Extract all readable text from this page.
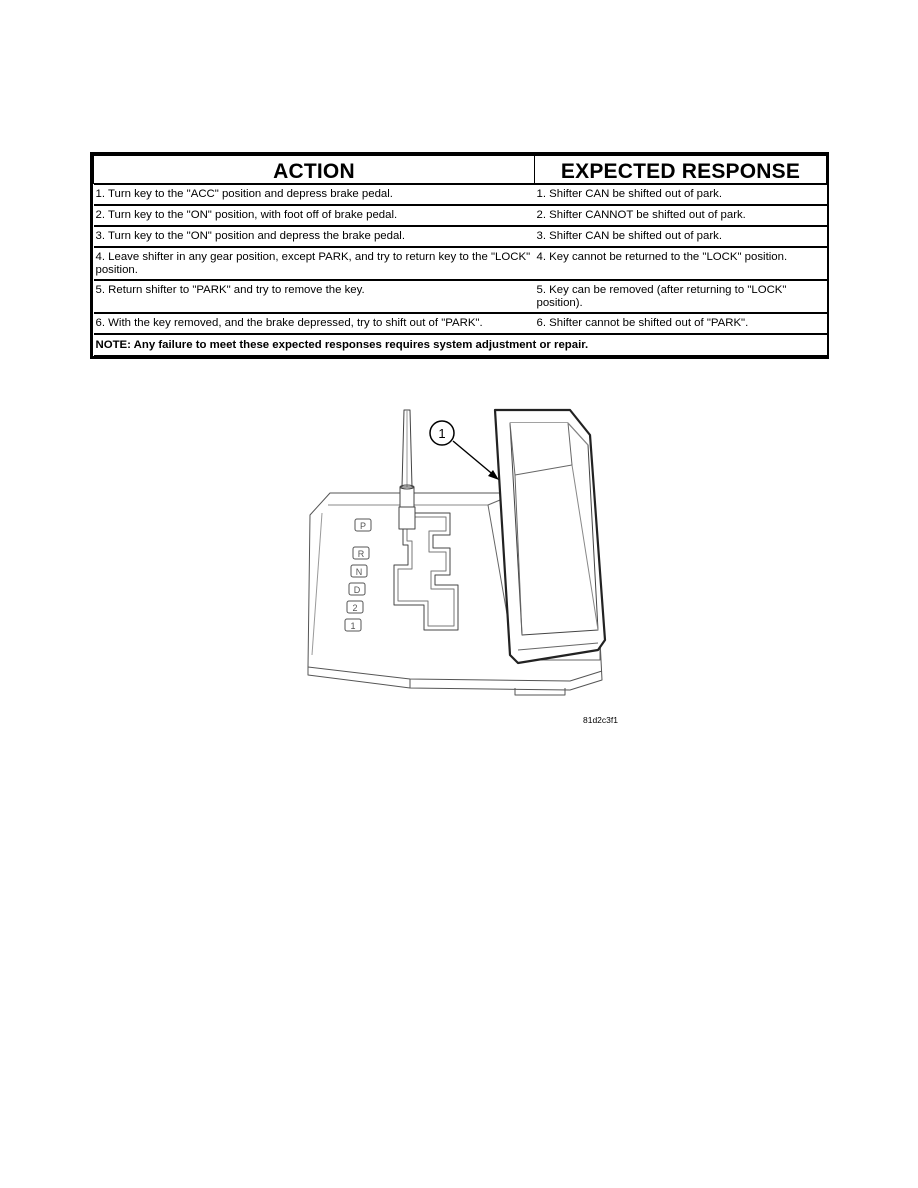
ACTION	EXPECTED RESPONSE

1. Turn key to the "ACC" position and depress brake pedal.	1. Shifter CAN be shifted out of park.

2. Turn key to the "ON" position, with foot off of brake pedal.	2. Shifter CANNOT be shifted out of park.

3. Turn key to the "ON" position and depress the brake pedal.	3. Shifter CAN be shifted out of park.

4. Leave shifter in any gear position, except PARK, and try to return key to the "LOCK" position.	4. Key cannot be returned to the "LOCK" position.

5. Return shifter to "PARK" and try to remove the key.	5. Key can be removed (after returning to "LOCK" position).

6. With the key removed, and the brake depressed, try to shift out of "PARK".	6. Shifter cannot be shifted out of "PARK".

NOTE: Any failure to meet these expected responses requires system adjustment or repair.	
P
R
N
D
2
1
1
81d2c3f1
